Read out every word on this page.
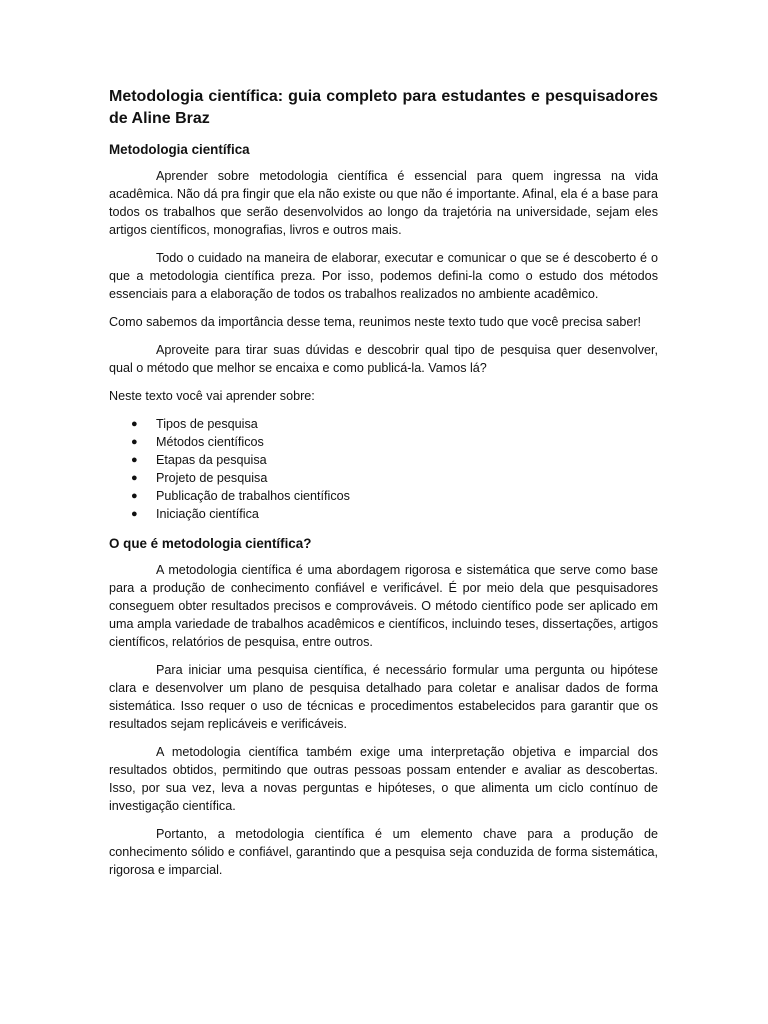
Metodologia científica: guia completo para estudantes e pesquisadores de Aline Braz
Metodologia científica

Aprender sobre metodologia científica é essencial para quem ingressa na vida acadêmica. Não dá pra fingir que ela não existe ou que não é importante. Afinal, ela é a base para todos os trabalhos que serão desenvolvidos ao longo da trajetória na universidade, sejam eles artigos científicos, monografias, livros e outros mais.

Todo o cuidado na maneira de elaborar, executar e comunicar o que se é descoberto é o que a metodologia científica preza. Por isso, podemos defini-la como o estudo dos métodos essenciais para a elaboração de todos os trabalhos realizados no ambiente acadêmico.

Como sabemos da importância desse tema, reunimos neste texto tudo que você precisa saber!

Aproveite para tirar suas dúvidas e descobrir qual tipo de pesquisa quer desenvolver, qual o método que melhor se encaixa e como publicá-la. Vamos lá?

Neste texto você vai aprender sobre:

● Tipos de pesquisa
● Métodos científicos
● Etapas da pesquisa
● Projeto de pesquisa
● Publicação de trabalhos científicos
● Iniciação científica
O que é metodologia científica?

A metodologia científica é uma abordagem rigorosa e sistemática que serve como base para a produção de conhecimento confiável e verificável. É por meio dela que pesquisadores conseguem obter resultados precisos e comprováveis. O método científico pode ser aplicado em uma ampla variedade de trabalhos acadêmicos e científicos, incluindo teses, dissertações, artigos científicos, relatórios de pesquisa, entre outros.

Para iniciar uma pesquisa científica, é necessário formular uma pergunta ou hipótese clara e desenvolver um plano de pesquisa detalhado para coletar e analisar dados de forma sistemática. Isso requer o uso de técnicas e procedimentos estabelecidos para garantir que os resultados sejam replicáveis e verificáveis.

A metodologia científica também exige uma interpretação objetiva e imparcial dos resultados obtidos, permitindo que outras pessoas possam entender e avaliar as descobertas. Isso, por sua vez, leva a novas perguntas e hipóteses, o que alimenta um ciclo contínuo de investigação científica.

Portanto, a metodologia científica é um elemento chave para a produção de conhecimento sólido e confiável, garantindo que a pesquisa seja conduzida de forma sistemática, rigorosa e imparcial.
